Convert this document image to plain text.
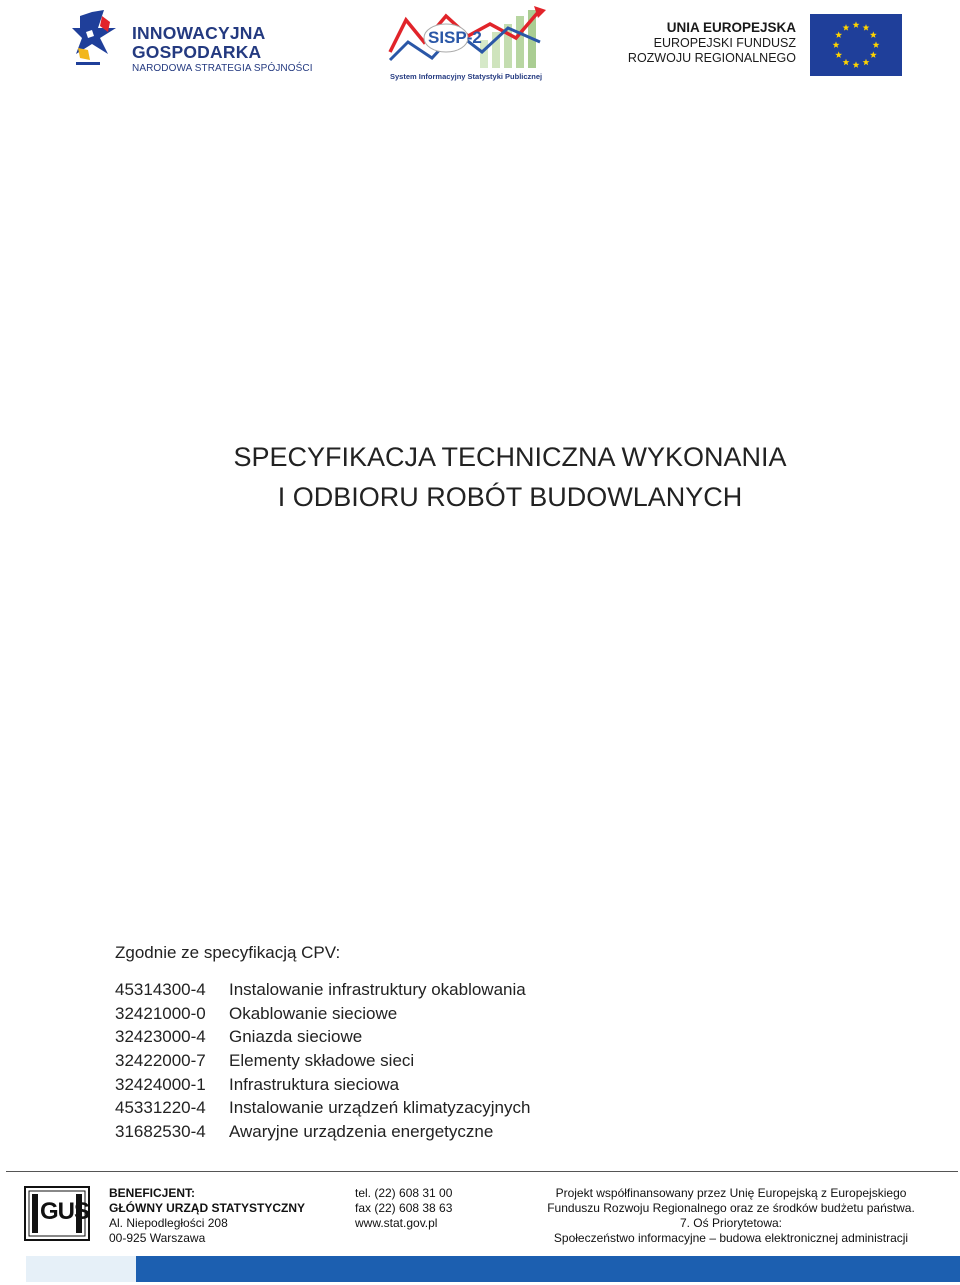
INNOWACYJNA
GOSPODARKA
NARODOWA STRATEGIA SPÓJNOŚCI
SISP-2
System Informacyjny Statystyki Publicznej
UNIA EUROPEJSKA
EUROPEJSKI FUNDUSZ
ROZWOJU REGIONALNEGO
SPECYFIKACJA TECHNICZNA WYKONANIA
I ODBIORU ROBÓT BUDOWLANYCH
Zgodnie ze specyfikacją CPV:
45314300-4 Instalowanie infrastruktury okablowania
32421000-0 Okablowanie sieciowe
32423000-4 Gniazda sieciowe
32422000-7 Elementy składowe sieci
32424000-1 Infrastruktura sieciowa
45331220-4 Instalowanie urządzeń klimatyzacyjnych
31682530-4 Awaryjne urządzenia energetyczne
GUS
BENEFICJENT:
GŁÓWNY URZĄD STATYSTYCZNY
Al. Niepodległości 208
00-925 Warszawa
tel. (22) 608 31 00
fax (22) 608 38 63
www.stat.gov.pl
Projekt współfinansowany przez Unię Europejską z Europejskiego
Funduszu Rozwoju Regionalnego oraz ze środków budżetu państwa.
7. Oś Priorytetowa:
Społeczeństwo informacyjne – budowa elektronicznej administracji
